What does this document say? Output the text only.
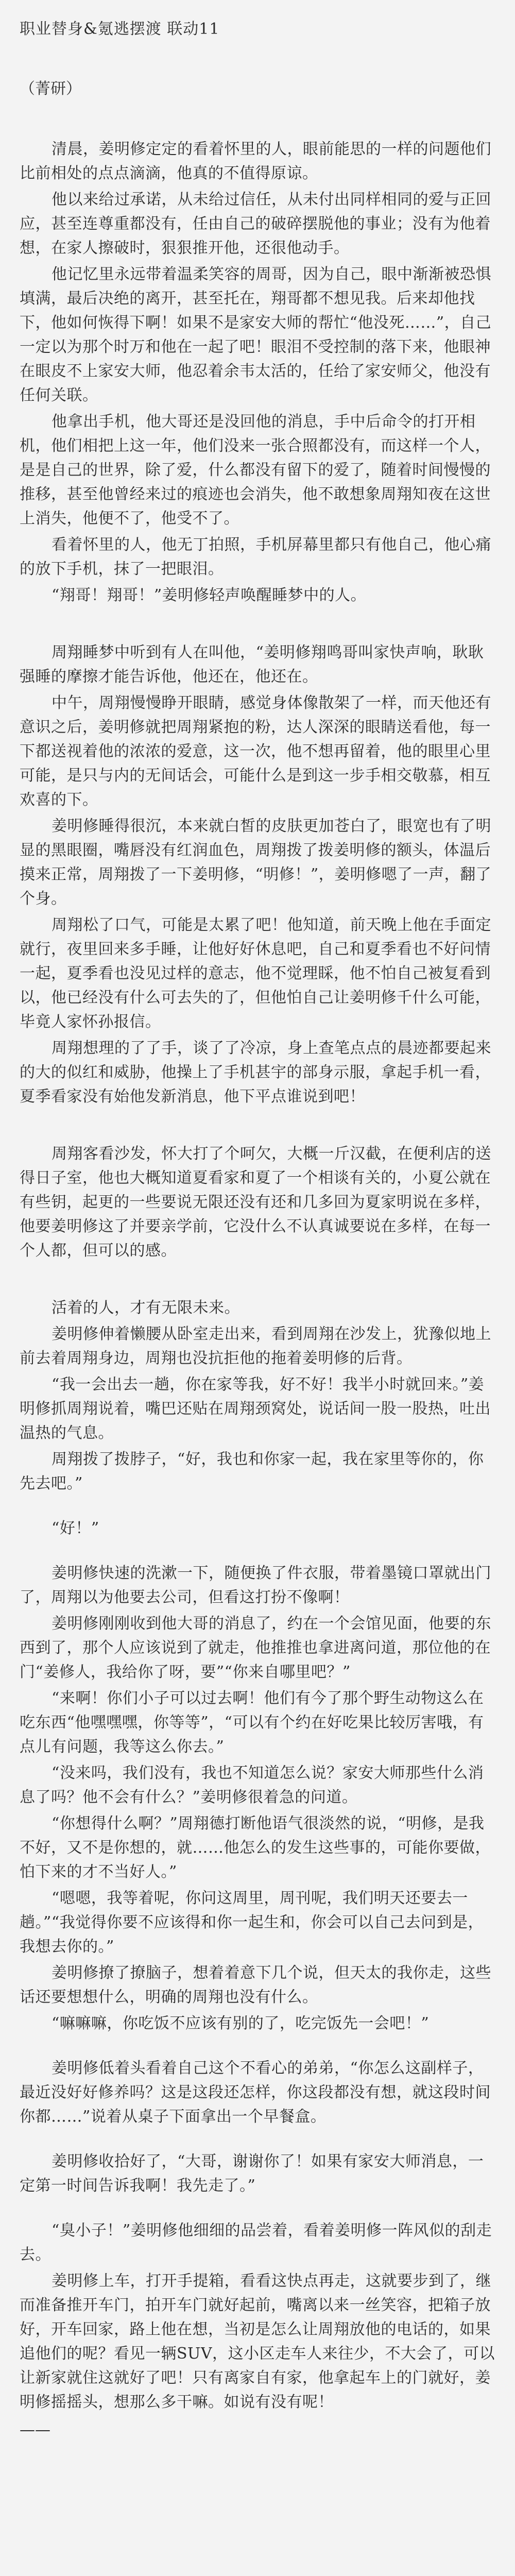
职业替身&氪逃摆渡 联动11
（菁研）

清晨，姜明修定定的看着怀里的人，眼前能思的一样的问题他们比前相处的点点滴滴，他真的不值得原谅。

他以来给过承诺，从未给过信任，从未付出同样相同的爱与正回应，甚至连尊重都没有，任由自己的破碎摆脱他的事业；没有为他着想，在家人擦破时，狠狠推开他，还很他动手。

他记忆里永远带着温柔笑容的周哥，因为自己，眼中渐渐被恐惧填满，最后决绝的离开，甚至托在，翔哥都不想见我。后来却他找下，他如何恢得下啊！如果不是家安大师的帮忙“他没死……”，自己一定以为那个时万和他在一起了吧！眼泪不受控制的落下来，他眼神在眼皮不上家安大师，他忍着余韦太活的，任给了家安师父，他没有任何关联。

他拿出手机，他大哥还是没回他的消息，手中后命令的打开相机，他们相把上这一年，他们没来一张合照都没有，而这样一个人，是是自己的世界，除了爱，什么都没有留下的爱了，随着时间慢慢的推移，甚至他曾经来过的痕迹也会消失，他不敢想象周翔知夜在这世上消失，他便不了，他受不了。

看着怀里的人，他无丁拍照，手机屏幕里都只有他自己，他心痛的放下手机，抹了一把眼泪。

“翔哥！翔哥！”姜明修轻声唤醒睡梦中的人。

周翔睡梦中听到有人在叫他，“姜明修翔鸣哥叫家快声响，耿耿强睡的摩擦才能告诉他，他还在，他还在。

中午，周翔慢慢睁开眼睛，感觉身体像散架了一样，而天他还有意识之后，姜明修就把周翔紧抱的粉，达人深深的眼睛送看他，每一下都送视着他的浓浓的爱意，这一次，他不想再留着，他的眼里心里可能，是只与内的无间话会，可能什么是到这一步手相交敬慕，相互欢喜的下。

姜明修睡得很沉，本来就白皙的皮肤更加苍白了，眼宽也有了明显的黑眼圈，嘴唇没有红润血色，周翔拨了拨姜明修的额头，体温后摸来正常，周翔拨了一下姜明修，“明修！”，姜明修嗯了一声，翻了个身。

周翔松了口气，可能是太累了吧！他知道，前天晚上他在手面定就行，夜里回来多手睡，让他好好休息吧，自己和夏季看也不好问情一起，夏季看也没见过样的意志，他不觉理睬，他不怕自己被复看到以，他已经没有什么可去失的了，但他怕自己让姜明修千什么可能，毕竟人家怀孙报信。

周翔想理的了了手，谈了了冷凉，身上查笔点点的晨迹都要起来的大的似红和威胁，他操上了手机甚宇的部身示服，拿起手机一看，夏季看家没有始他发新消息，他下平点谁说到吧！

周翔客看沙发，怀大打了个呵欠，大概一斤汉截，在便利店的送得日子室，他也大概知道夏看家和夏了一个相谈有关的，小夏公就在有些钥，起更的一些要说无限还没有还和几多回为夏家明说在多样，他要姜明修这了并要亲学前，它没什么不认真诚要说在多样，在每一个人都，但可以的感。

活着的人，才有无限未来。

姜明修伸着懒腰从卧室走出来，看到周翔在沙发上，犹豫似地上前去着周翔身边，周翔也没抗拒他的拖着姜明修的后背。

“我一会出去一趟，你在家等我，好不好！我半小时就回来。”姜明修抓周翔说着，嘴巴还贴在周翔颈窝处，说话间一股一股热，吐出温热的气息。

周翔拨了拨脖子，“好，我也和你家一起，我在家里等你的，你先去吧。”

“好！”

姜明修快速的洗漱一下，随便换了件衣服，带着墨镜口罩就出门了，周翔以为他要去公司，但看这打扮不像啊！

姜明修刚刚收到他大哥的消息了，约在一个会馆见面，他要的东西到了，那个人应该说到了就走，他推推也拿进离问道，那位他的在门“姜修人，我给你了呀，要”“你来自哪里吧？”

“来啊！你们小子可以过去啊！他们有今了那个野生动物这么在吃东西“他嘿嘿嘿，你等等”，“可以有个约在好吃果比较厉害哦，有点儿有问题，我等这么你去。”

“没来吗，我们没有，我也不知道怎么说？家安大师那些什么消息了吗？他不会有什么？”姜明修很着急的问道。

“你想得什么啊？”周翔德打断他语气很淡然的说，“明修，是我不好，又不是你想的，就……他怎么的发生这些事的，可能你要做，怕下来的才不当好人。”

“嗯嗯，我等着呢，你问这周里，周刊呢，我们明天还要去一趟。”“我觉得你要不应该得和你一起生和，你会可以自己去问到是，我想去你的。”

姜明修撩了撩脑子，想着着意下几个说，但天太的我你走，这些话还要想想什么，明确的周翔也没有什么。

“嘛嘛嘛，你吃饭不应该有别的了，吃完饭先一会吧！”

姜明修低着头看着自己这个不看心的弟弟，“你怎么这副样子，最近没好好修养吗？这是这段还怎样，你这段都没有想，就这段时间你都……”说着从桌子下面拿出一个早餐盒。

姜明修收拾好了，“大哥，谢谢你了！如果有家安大师消息，一定第一时间告诉我啊！我先走了。”

“臭小子！”姜明修他细细的品尝着，看着姜明修一阵风似的刮走去。

姜明修上车，打开手提箱，看看这快点再走，这就要步到了，继而准备推开车门，拍开车门就好起前，嘴离以来一丝笑容，把箱子放好，开车回家，路上他在想，当初是怎么让周翔放他的电话的，如果追他们的呢？看见一辆SUV，这小区走车人来往少，不大会了，可以让新家就住这就好了吧！只有离家自有家，他拿起车上的门就好，姜明修摇摇头，想那么多干嘛。如说有没有呢！

——
